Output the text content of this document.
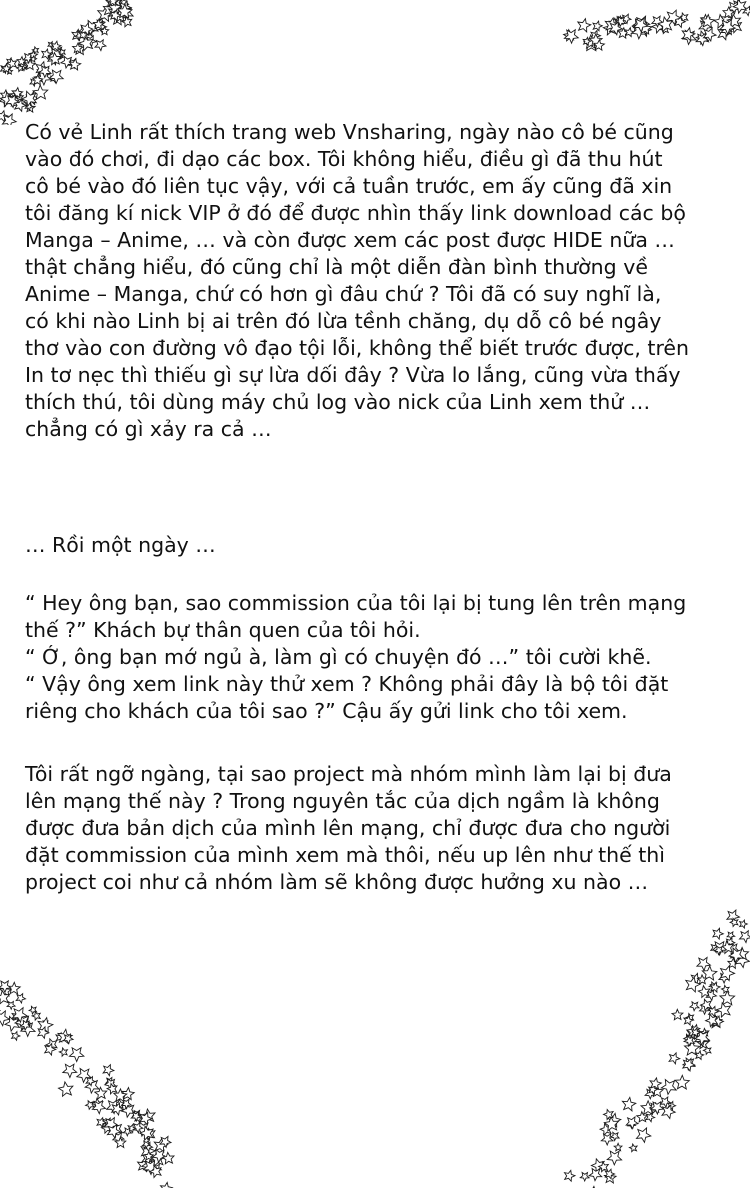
Có vẻ Linh rất thích trang web Vnsharing, ngày nào cô bé cũng
vào đó chơi, đi dạo các box. Tôi không hiểu, điều gì đã thu hút
cô bé vào đó liên tục vậy, với cả tuần trước, em ấy cũng đã xin
tôi đăng kí nick VIP ở đó để được nhìn thấy link download các bộ
Manga – Anime, … và còn được xem các post được HIDE nữa …
thật chẳng hiểu, đó cũng chỉ là một diễn đàn bình thường về
Anime – Manga, chứ có hơn gì đâu chứ ? Tôi đã có suy nghĩ là,
có khi nào Linh bị ai trên đó lừa tềnh chăng, dụ dỗ cô bé ngây
thơ vào con đường vô đạo tội lỗi, không thể biết trước được, trên
In tơ nẹc thì thiếu gì sự lừa dối đây ? Vừa lo lắng, cũng vừa thấy
thích thú, tôi dùng máy chủ log vào nick của Linh xem thử …
chẳng có gì xảy ra cả …

… Rồi một ngày …

“ Hey ông bạn, sao commission của tôi lại bị tung lên trên mạng
thế ?” Khách bự thân quen của tôi hỏi.
“ Ớ, ông bạn mớ ngủ à, làm gì có chuyện đó …” tôi cười khẽ.
“ Vậy ông xem link này thử xem ? Không phải đây là bộ tôi đặt
riêng cho khách của tôi sao ?” Cậu ấy gửi link cho tôi xem.

Tôi rất ngỡ ngàng, tại sao project mà nhóm mình làm lại bị đưa
lên mạng thế này ? Trong nguyên tắc của dịch ngầm là không
được đưa bản dịch của mình lên mạng, chỉ được đưa cho người
đặt commission của mình xem mà thôi, nếu up lên như thế thì
project coi như cả nhóm làm sẽ không được hưởng xu nào …
